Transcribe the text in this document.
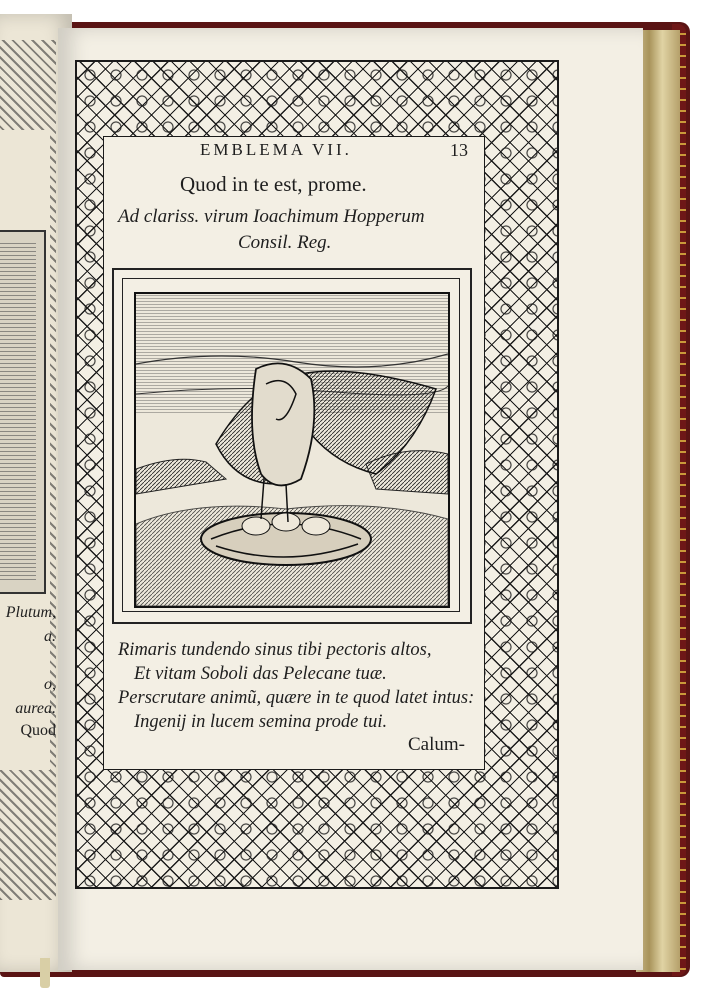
Plutum,
a.
o,
aurea.
Quod
EMBLEMA VII.	13
Quod in te est, prome.
Ad clariss. virum Ioachimum Hopperum
Consil. Reg.
Rimaris tundendo sinus tibi pectoris altos,
Et vitam Soboli das Pelecane tuæ.
Perscrutare animũ, quære in te quod latet intus:
Ingenij in lucem semina prode tui.
Calum-
